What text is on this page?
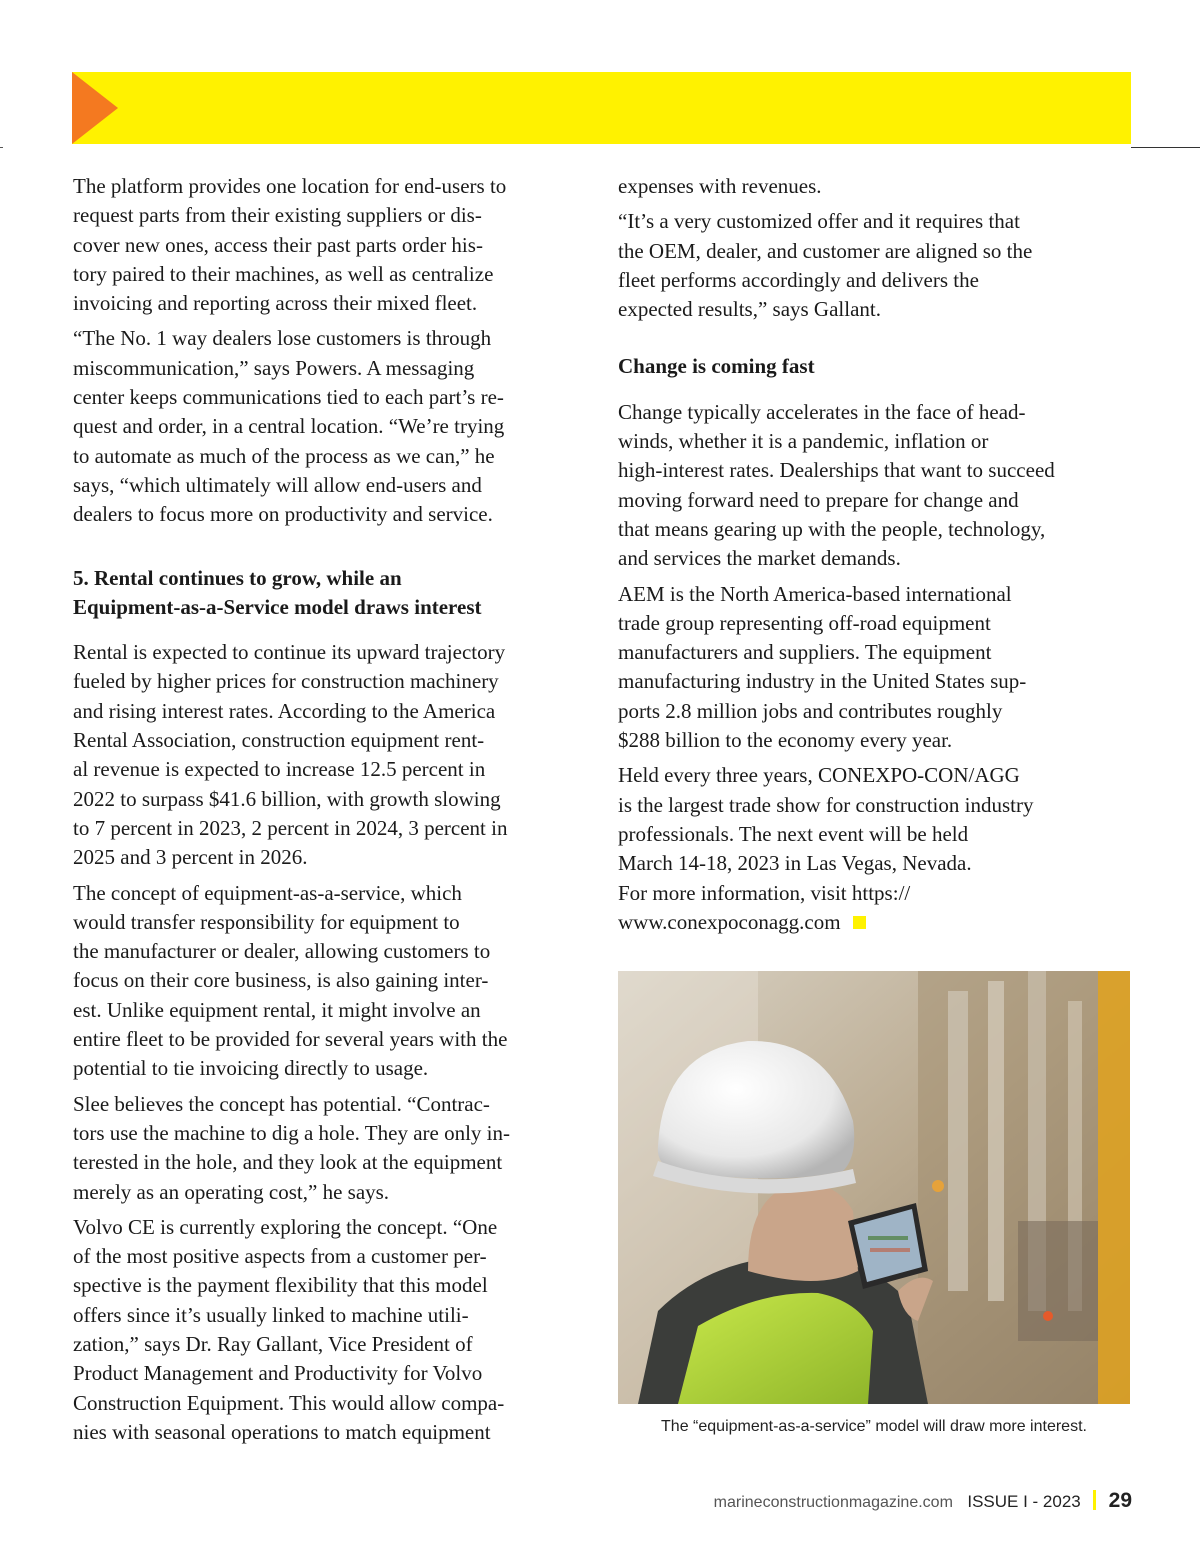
The platform provides one location for end-users to
request parts from their existing suppliers or dis-
cover new ones, access their past parts order his-
tory paired to their machines, as well as centralize
invoicing and reporting across their mixed fleet.

“The No. 1 way dealers lose customers is through
miscommunication,” says Powers. A messaging
center keeps communications tied to each part’s re-
quest and order, in a central location. “We’re trying
to automate as much of the process as we can,” he
says, “which ultimately will allow end-users and
dealers to focus more on productivity and service.

5. Rental continues to grow, while an
Equipment-as-a-Service model draws interest

Rental is expected to continue its upward trajectory
fueled by higher prices for construction machinery
and rising interest rates. According to the America
Rental Association, construction equipment rent-
al revenue is expected to increase 12.5 percent in
2022 to surpass $41.6 billion, with growth slowing
to 7 percent in 2023, 2 percent in 2024, 3 percent in
2025 and 3 percent in 2026.

The concept of equipment-as-a-service, which
would transfer responsibility for equipment to
the manufacturer or dealer, allowing customers to
focus on their core business, is also gaining inter-
est. Unlike equipment rental, it might involve an
entire fleet to be provided for several years with the
potential to tie invoicing directly to usage.

Slee believes the concept has potential. “Contrac-
tors use the machine to dig a hole. They are only in-
terested in the hole, and they look at the equipment
merely as an operating cost,” he says.

Volvo CE is currently exploring the concept. “One
of the most positive aspects from a customer per-
spective is the payment flexibility that this model
offers since it’s usually linked to machine utili-
zation,” says Dr. Ray Gallant, Vice President of
Product Management and Productivity for Volvo
Construction Equipment. This would allow compa-
nies with seasonal operations to match equipment

expenses with revenues.

“It’s a very customized offer and it requires that
the OEM, dealer, and customer are aligned so the
fleet performs accordingly and delivers the
expected results,” says Gallant.

Change is coming fast

Change typically accelerates in the face of head-
winds, whether it is a pandemic, inflation or
high-interest rates. Dealerships that want to succeed
moving forward need to prepare for change and
that means gearing up with the people, technology,
and services the market demands.

AEM is the North America-based international
trade group representing off-road equipment
manufacturers and suppliers. The equipment
manufacturing industry in the United States sup-
ports 2.8 million jobs and contributes roughly
$288 billion to the economy every year.

Held every three years, CONEXPO-CON/AGG
is the largest trade show for construction industry
professionals. The next event will be held
March 14-18, 2023 in Las Vegas, Nevada.
For more information, visit https://
www.conexpoconagg.com

The “equipment-as-a-service” model will draw more interest.
marineconstructionmagazine.com ISSUE I - 2023 29
